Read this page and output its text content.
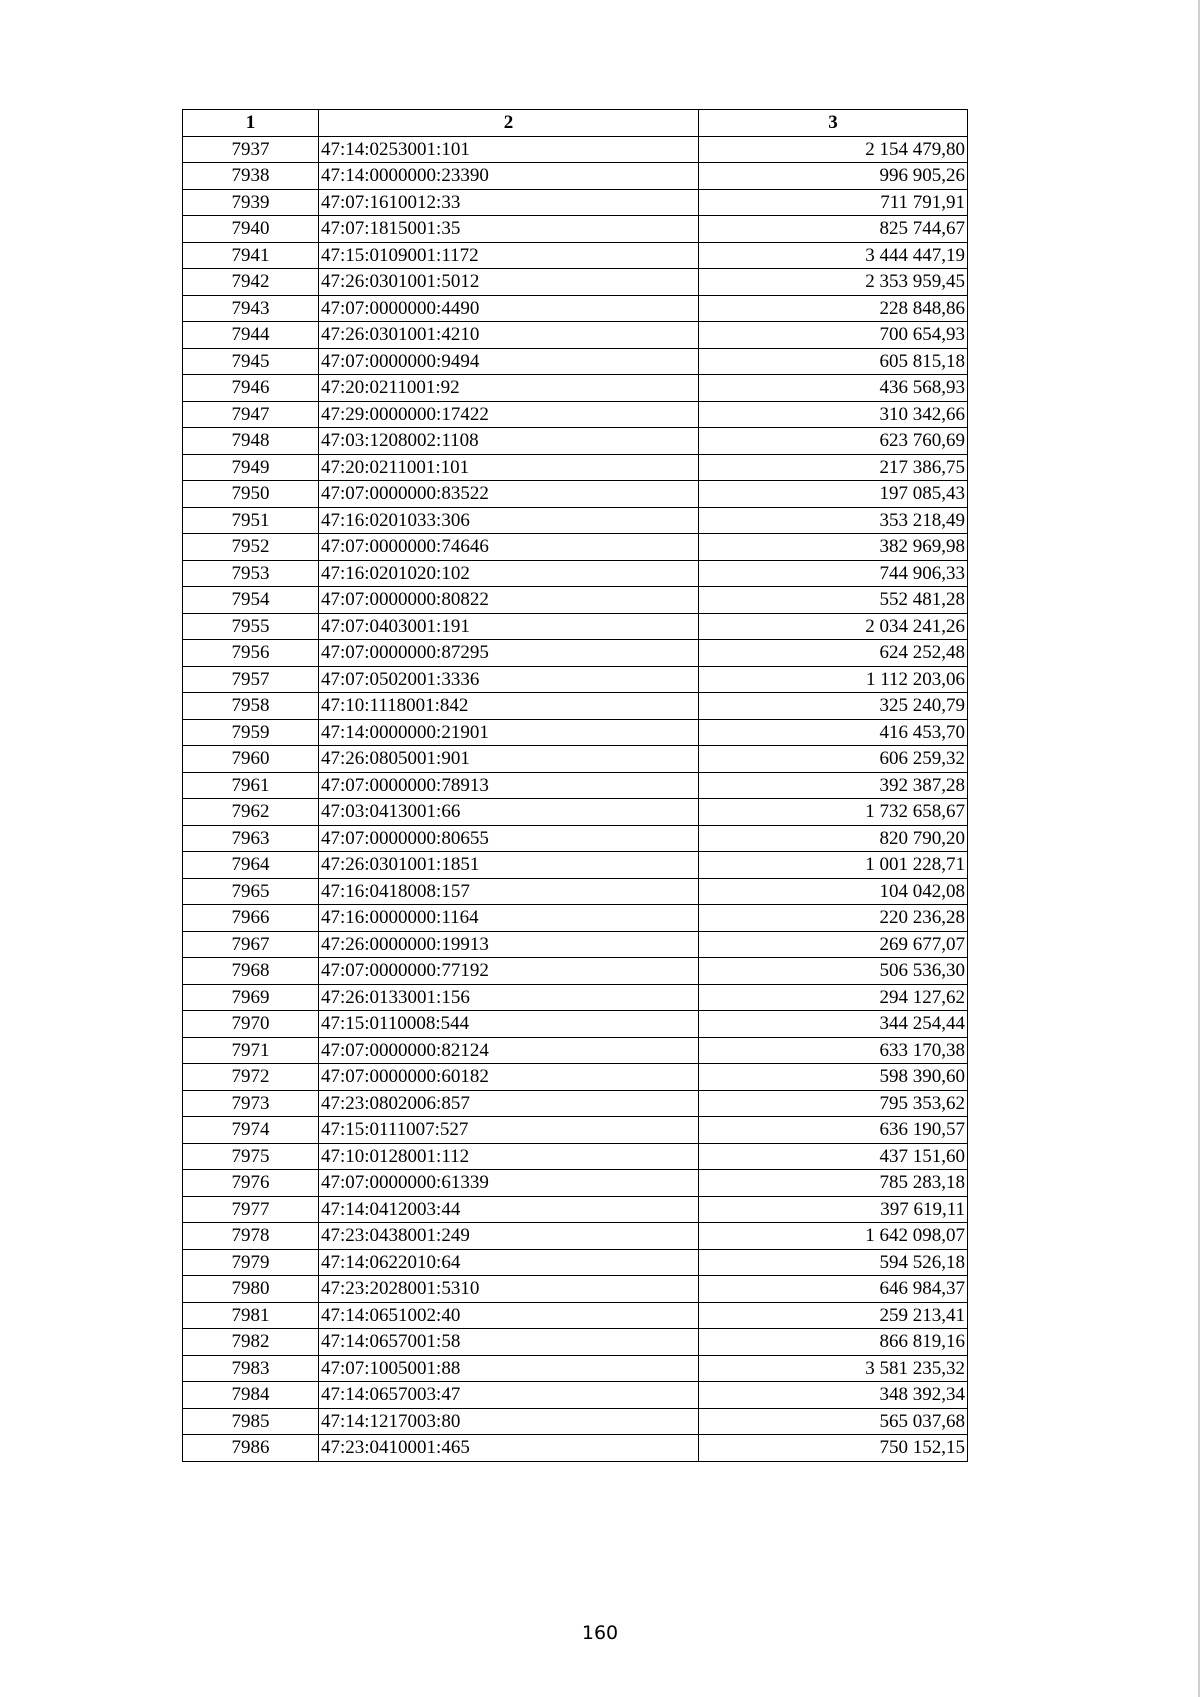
1	2	3
7937	47:14:0253001:101	2 154 479,80
7938	47:14:0000000:23390	996 905,26
7939	47:07:1610012:33	711 791,91
7940	47:07:1815001:35	825 744,67
7941	47:15:0109001:1172	3 444 447,19
7942	47:26:0301001:5012	2 353 959,45
7943	47:07:0000000:4490	228 848,86
7944	47:26:0301001:4210	700 654,93
7945	47:07:0000000:9494	605 815,18
7946	47:20:0211001:92	436 568,93
7947	47:29:0000000:17422	310 342,66
7948	47:03:1208002:1108	623 760,69
7949	47:20:0211001:101	217 386,75
7950	47:07:0000000:83522	197 085,43
7951	47:16:0201033:306	353 218,49
7952	47:07:0000000:74646	382 969,98
7953	47:16:0201020:102	744 906,33
7954	47:07:0000000:80822	552 481,28
7955	47:07:0403001:191	2 034 241,26
7956	47:07:0000000:87295	624 252,48
7957	47:07:0502001:3336	1 112 203,06
7958	47:10:1118001:842	325 240,79
7959	47:14:0000000:21901	416 453,70
7960	47:26:0805001:901	606 259,32
7961	47:07:0000000:78913	392 387,28
7962	47:03:0413001:66	1 732 658,67
7963	47:07:0000000:80655	820 790,20
7964	47:26:0301001:1851	1 001 228,71
7965	47:16:0418008:157	104 042,08
7966	47:16:0000000:1164	220 236,28
7967	47:26:0000000:19913	269 677,07
7968	47:07:0000000:77192	506 536,30
7969	47:26:0133001:156	294 127,62
7970	47:15:0110008:544	344 254,44
7971	47:07:0000000:82124	633 170,38
7972	47:07:0000000:60182	598 390,60
7973	47:23:0802006:857	795 353,62
7974	47:15:0111007:527	636 190,57
7975	47:10:0128001:112	437 151,60
7976	47:07:0000000:61339	785 283,18
7977	47:14:0412003:44	397 619,11
7978	47:23:0438001:249	1 642 098,07
7979	47:14:0622010:64	594 526,18
7980	47:23:2028001:5310	646 984,37
7981	47:14:0651002:40	259 213,41
7982	47:14:0657001:58	866 819,16
7983	47:07:1005001:88	3 581 235,32
7984	47:14:0657003:47	348 392,34
7985	47:14:1217003:80	565 037,68
7986	47:23:0410001:465	750 152,15
160
